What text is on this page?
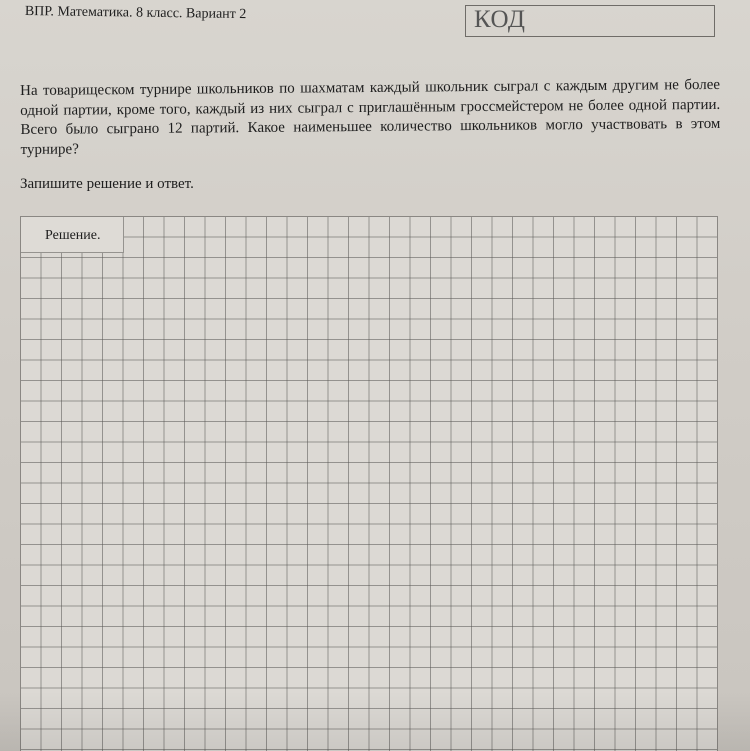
ВПР. Математика. 8 класс. Вариант 2	КОД
На товарищеском турнире школьников по шахматам каждый школьник сыграл с каждым другим не более одной партии, кроме того, каждый из них сыграл с приглашённым гроссмейстером не более одной партии. Всего было сыграно 12 партий. Какое наименьшее количество школьников могло участвовать в этом турнире?
Запишите решение и ответ.
Решение.
